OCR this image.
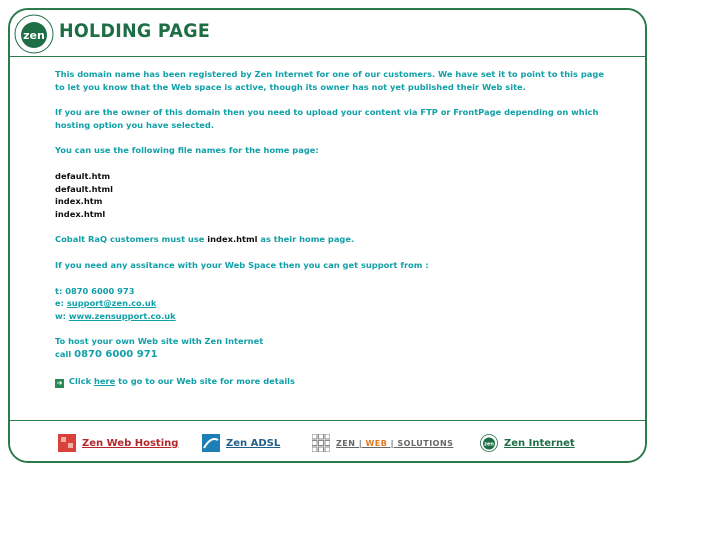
zen HOLDING PAGE

This domain name has been registered by Zen Internet for one of our customers. We have set it to point to this page to let you know that the Web space is active, though its owner has not yet published their Web site.

If you are the owner of this domain then you need to upload your content via FTP or FrontPage depending on which hosting option you have selected.

You can use the following file names for the home page:

default.htm
default.html
index.htm
index.html

Cobalt RaQ customers must use index.html as their home page.

If you need any assitance with your Web Space then you can get support from :

t: 0870 6000 973
e: support@zen.co.uk
w: www.zensupport.co.uk

To host your own Web site with Zen Internet
call 0870 6000 971

➜ Click here to go to our Web site for more details

Zen Web Hosting	Zen ADSL	ZEN | WEB | SOLUTIONS	zen Zen Internet
